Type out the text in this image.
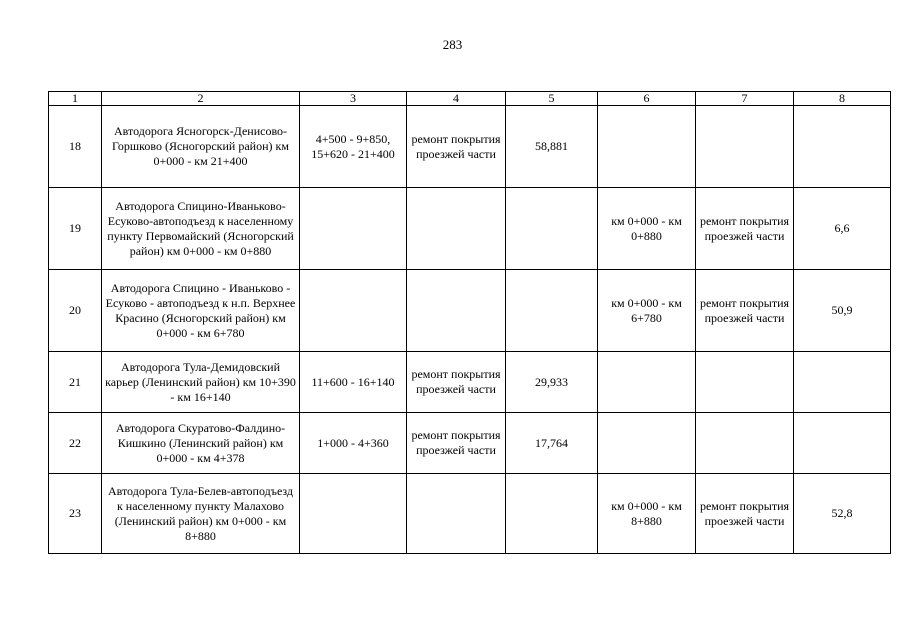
283
1	2	3	4	5	6	7	8
18	Автодорога Ясногорск-Денисово-Горшково (Ясногорский район) км 0+000 - км 21+400	4+500 - 9+850, 15+620 - 21+400	ремонт покрытия проезжей части	58,881			
19	Автодорога Спицино-Иваньково-Есуково-автоподъезд к населенному пункту Первомайский (Ясногорский район) км 0+000 - км 0+880				км 0+000 - км 0+880	ремонт покрытия проезжей части	6,6
20	Автодорога Спицино - Иваньково - Есуково - автоподъезд к н.п. Верхнее Красино (Ясногорский район) км 0+000 - км 6+780				км 0+000 - км 6+780	ремонт покрытия проезжей части	50,9
21	Автодорога Тула-Демидовский карьер (Ленинский район) км 10+390 - км 16+140	11+600 - 16+140	ремонт покрытия проезжей части	29,933			
22	Автодорога Скуратово-Фалдино-Кишкино (Ленинский район) км 0+000 - км 4+378	1+000 - 4+360	ремонт покрытия проезжей части	17,764			
23	Автодорога Тула-Белев-автоподъезд к населенному пункту Малахово (Ленинский район) км 0+000 - км 8+880				км 0+000 - км 8+880	ремонт покрытия проезжей части	52,8
